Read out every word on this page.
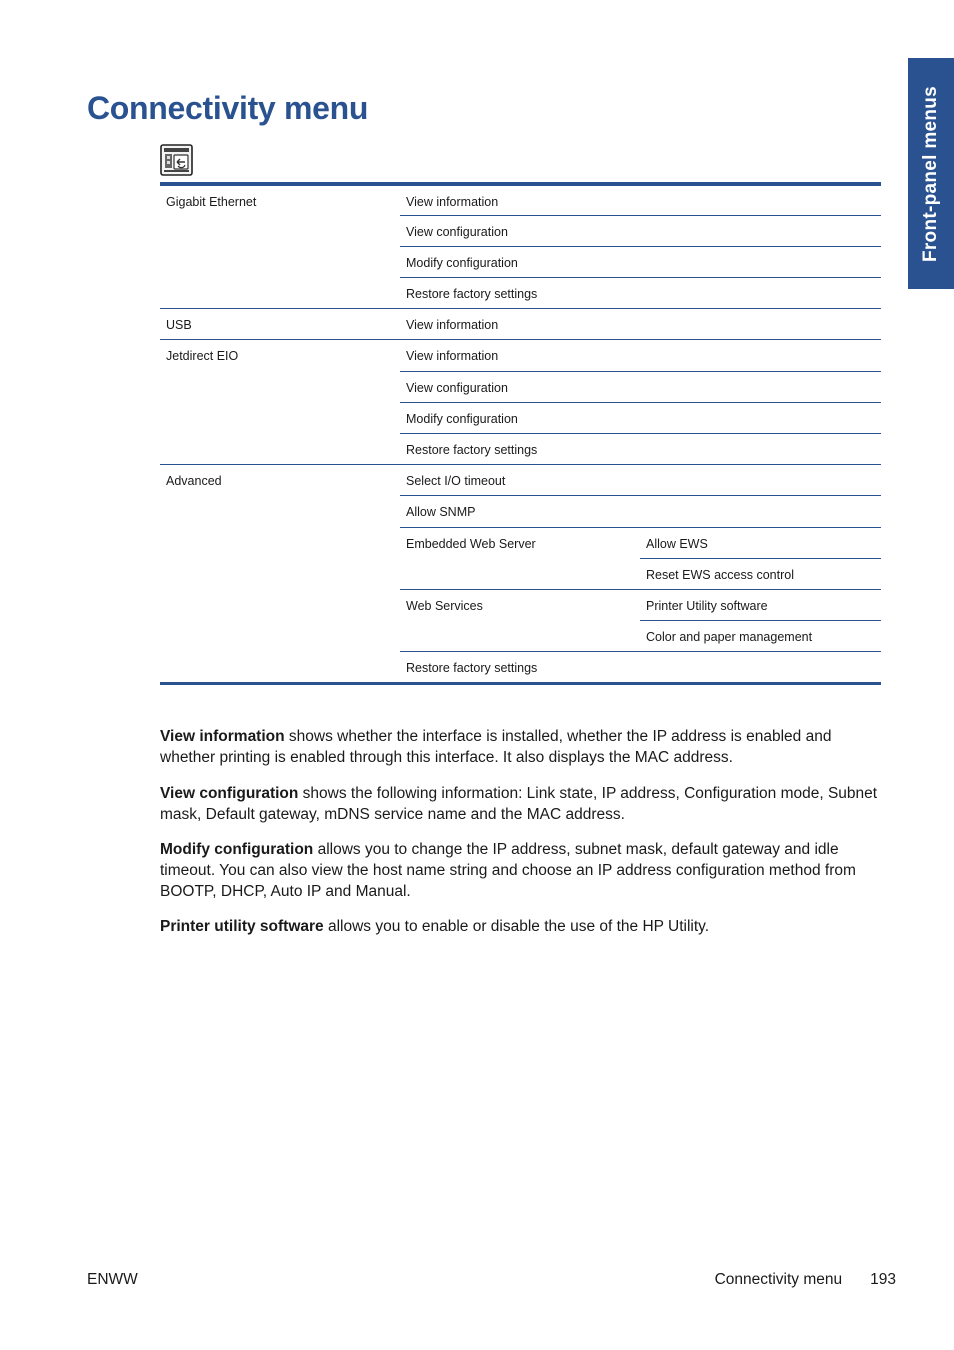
Front-panel menus
Connectivity menu
Gigabit Ethernet	View information	
	View configuration	
	Modify configuration	
	Restore factory settings	
USB	View information	
Jetdirect EIO	View information	
	View configuration	
	Modify configuration	
	Restore factory settings	
Advanced	Select I/O timeout	
	Allow SNMP	
	Embedded Web Server	Allow EWS
		Reset EWS access control
	Web Services	Printer Utility software
		Color and paper management
	Restore factory settings	

View information shows whether the interface is installed, whether the IP address is enabled and whether printing is enabled through this interface. It also displays the MAC address.

View configuration shows the following information: Link state, IP address, Configuration mode, Subnet mask, Default gateway, mDNS service name and the MAC address.

Modify configuration allows you to change the IP address, subnet mask, default gateway and idle timeout. You can also view the host name string and choose an IP address configuration method from BOOTP, DHCP, Auto IP and Manual.

Printer utility software allows you to enable or disable the use of the HP Utility.

ENWW	Connectivity menu 193
